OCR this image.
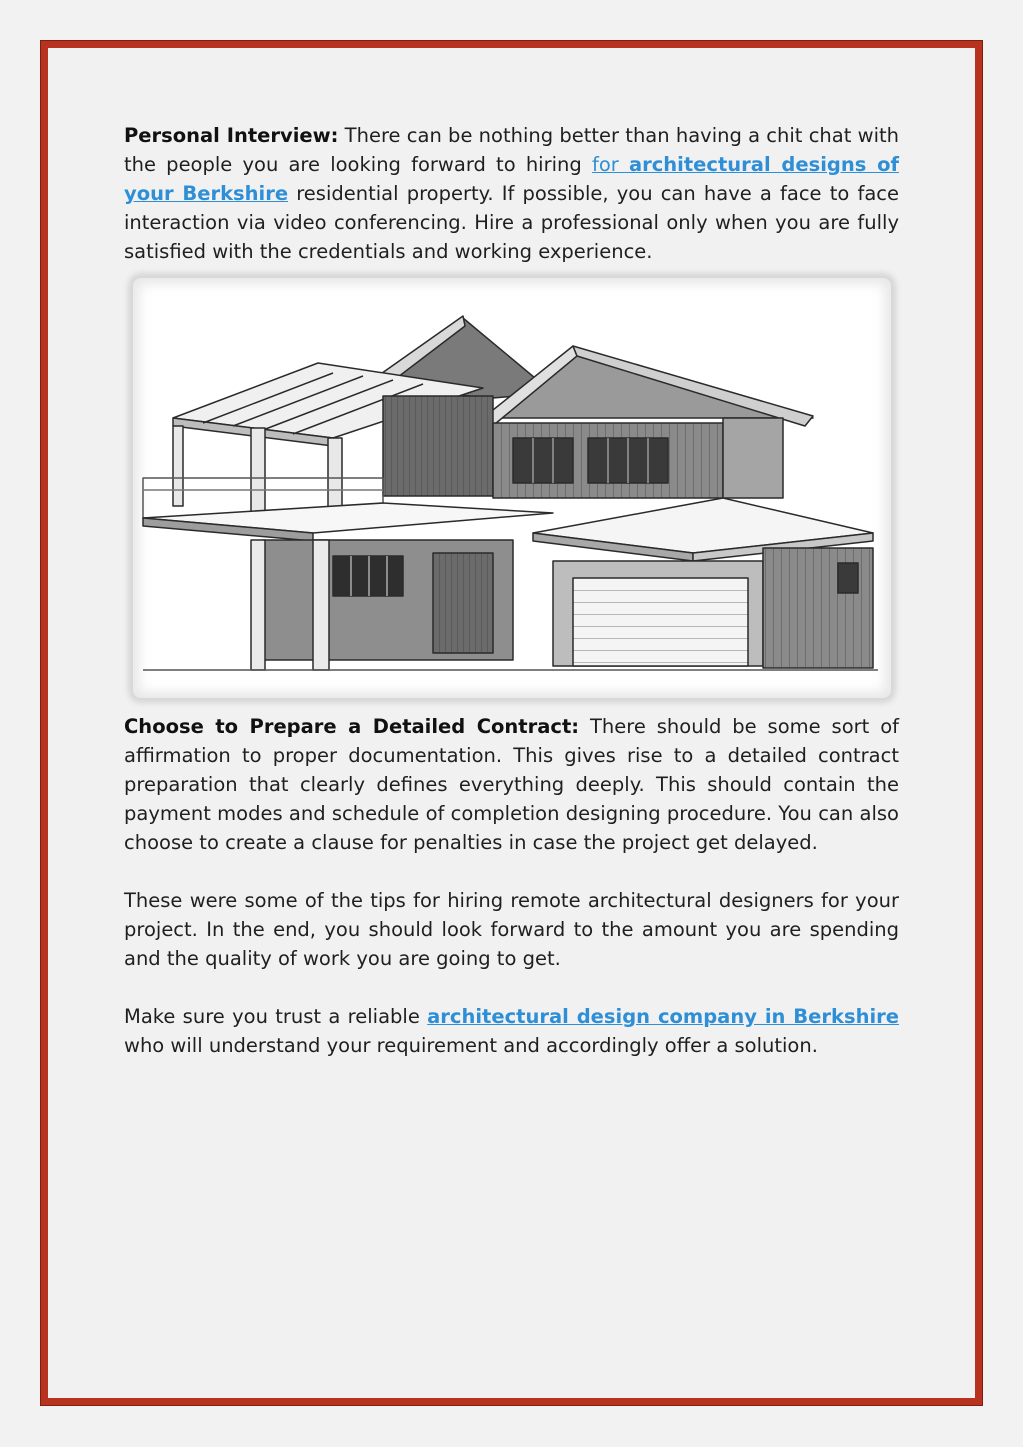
Personal Interview: There can be nothing better than having a chit chat with the people you are looking forward to hiring for architectural designs of your Berkshire residential property. If possible, you can have a face to face interaction via video conferencing. Hire a professional only when you are fully satisfied with the credentials and working experience.

Choose to Prepare a Detailed Contract: There should be some sort of affirmation to proper documentation. This gives rise to a detailed contract preparation that clearly defines everything deeply. This should contain the payment modes and schedule of completion designing procedure. You can also choose to create a clause for penalties in case the project get delayed.

These were some of the tips for hiring remote architectural designers for your project. In the end, you should look forward to the amount you are spending and the quality of work you are going to get.

Make sure you trust a reliable architectural design company in Berkshire who will understand your requirement and accordingly offer a solution.
